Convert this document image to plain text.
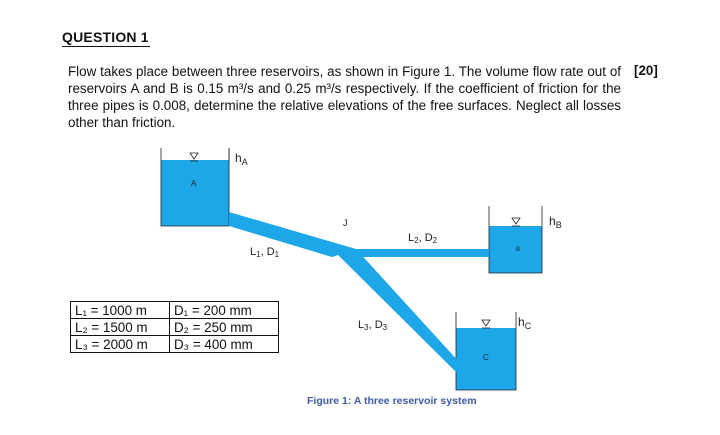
QUESTION 1
Flow takes place between three reservoirs, as shown in Figure 1. The volume flow rate out of reservoirs A and B is 0.15 m³/s and 0.25 m³/s respectively. If the coefficient of friction for the three pipes is 0.008, determine the relative elevations of the free surfaces. Neglect all losses other than friction.
[20]
$h_A$
A
$h_B$
B
$h_C$
C
J
L1, D1
L2, D2
L3, D3
L₁ = 1000 m	D₁ = 200 mm
L₂ = 1500 m	D₂ = 250 mm
L₃ = 2000 m	D₃ = 400 mm
Figure 1: A three reservoir system
